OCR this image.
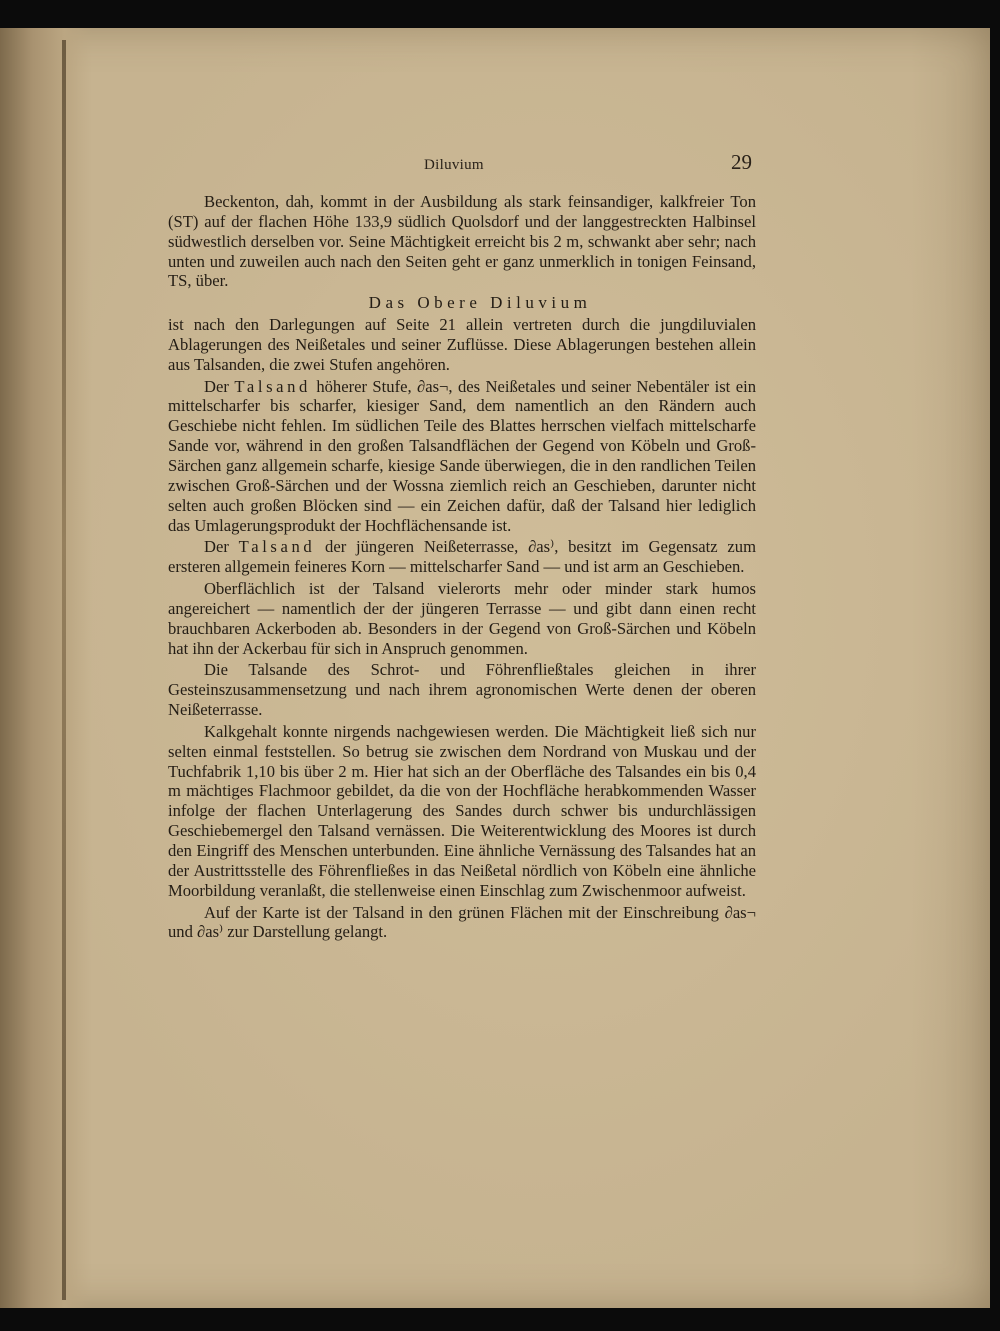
Diluvium	29

Beckenton, dah, kommt in der Ausbildung als stark feinsandiger, kalkfreier Ton (ST) auf der flachen Höhe 133,9 südlich Quolsdorf und der langgestreckten Halbinsel südwestlich derselben vor. Seine Mächtigkeit erreicht bis 2 m, schwankt aber sehr; nach unten und zuweilen auch nach den Seiten geht er ganz unmerklich in tonigen Feinsand, TS, über.

Das Obere Diluvium

ist nach den Darlegungen auf Seite 21 allein vertreten durch die jungdiluvialen Ablagerungen des Neißetales und seiner Zuflüsse. Diese Ablagerungen bestehen allein aus Talsanden, die zwei Stufen angehören.

Der Talsand höherer Stufe, ∂as¬, des Neißetales und seiner Nebentäler ist ein mittelscharfer bis scharfer, kiesiger Sand, dem namentlich an den Rändern auch Geschiebe nicht fehlen. Im südlichen Teile des Blattes herrschen vielfach mittelscharfe Sande vor, während in den großen Talsandflächen der Gegend von Köbeln und Groß-Särchen ganz allgemein scharfe, kiesige Sande überwiegen, die in den randlichen Teilen zwischen Groß-Särchen und der Wossna ziemlich reich an Geschieben, darunter nicht selten auch großen Blöcken sind — ein Zeichen dafür, daß der Talsand hier lediglich das Umlagerungsprodukt der Hochflächensande ist.

Der Talsand der jüngeren Neißeterrasse, ∂as⁾, besitzt im Gegensatz zum ersteren allgemein feineres Korn — mittelscharfer Sand — und ist arm an Geschieben.

Oberflächlich ist der Talsand vielerorts mehr oder minder stark humos angereichert — namentlich der der jüngeren Terrasse — und gibt dann einen recht brauchbaren Ackerboden ab. Besonders in der Gegend von Groß-Särchen und Köbeln hat ihn der Ackerbau für sich in Anspruch genommen.

Die Talsande des Schrot- und Föhrenfließtales gleichen in ihrer Gesteinszusammensetzung und nach ihrem agronomischen Werte denen der oberen Neißeterrasse.

Kalkgehalt konnte nirgends nachgewiesen werden. Die Mächtigkeit ließ sich nur selten einmal feststellen. So betrug sie zwischen dem Nordrand von Muskau und der Tuchfabrik 1,10 bis über 2 m. Hier hat sich an der Oberfläche des Talsandes ein bis 0,4 m mächtiges Flachmoor gebildet, da die von der Hochfläche herabkommenden Wasser infolge der flachen Unterlagerung des Sandes durch schwer bis undurchlässigen Geschiebemergel den Talsand vernässen. Die Weiterentwicklung des Moores ist durch den Eingriff des Menschen unterbunden. Eine ähnliche Vernässung des Talsandes hat an der Austrittsstelle des Föhrenfließes in das Neißetal nördlich von Köbeln eine ähnliche Moorbildung veranlaßt, die stellenweise einen Einschlag zum Zwischenmoor aufweist.

Auf der Karte ist der Talsand in den grünen Flächen mit der Einschreibung ∂as¬ und ∂as⁾ zur Darstellung gelangt.
